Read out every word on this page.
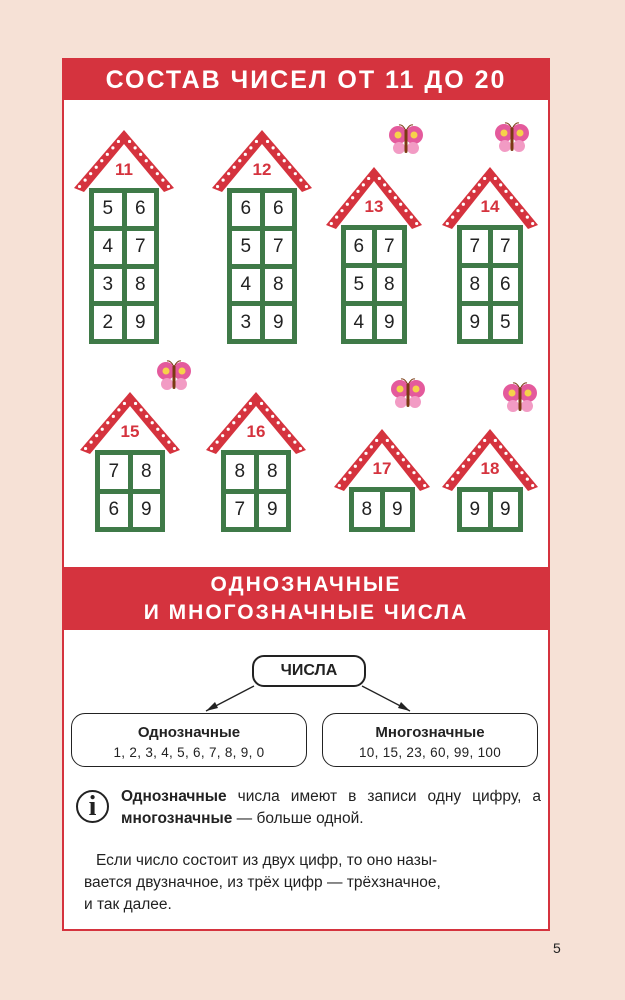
СОСТАВ ЧИСЕЛ ОТ 11 ДО 20
11
5	6
4	7
3	8
2	9
12
6	6
5	7
4	8
3	9
13
6	7
5	8
4	9
14
7	7
8	6
9	5
15
7	8
6	9
16
8	8
7	9
17
8	9
18
9	9
ОДНОЗНАЧНЫЕ
И МНОГОЗНАЧНЫЕ ЧИСЛА
ЧИСЛА
Однозначные
1, 2, 3, 4, 5, 6, 7, 8, 9, 0
Многозначные
10, 15, 23, 60, 99, 100
i	Однозначные числа имеют в записи одну цифру, а многозначные — больше одной.
Если число состоит из двух цифр, то оно назы-
вается двузначное, из трёх цифр — трёхзначное,
и так далее.
5
